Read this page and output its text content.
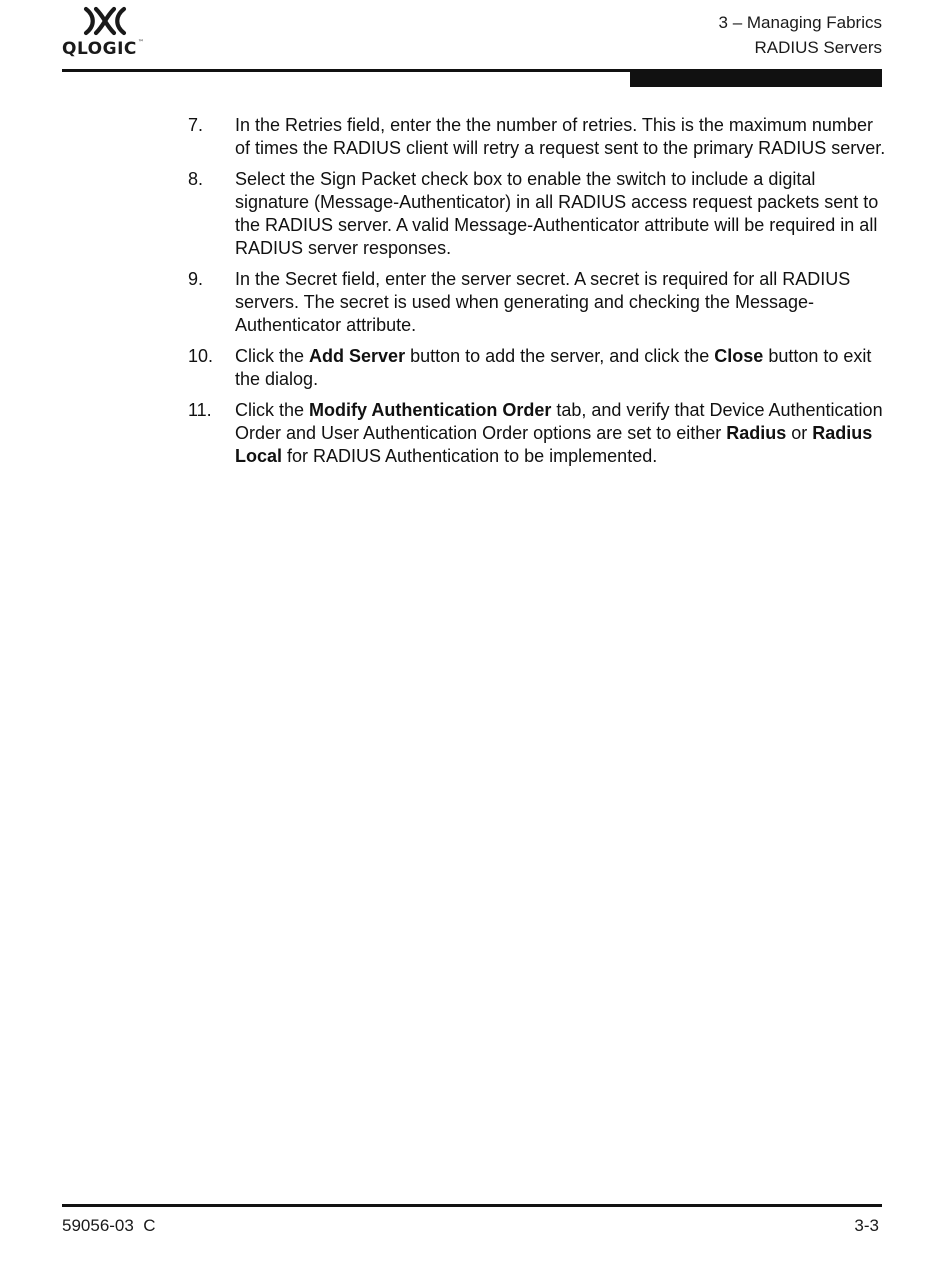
QLOGIC™
3 – Managing Fabrics
RADIUS Servers
7. In the Retries field, enter the the number of retries. This is the maximum number of times the RADIUS client will retry a request sent to the primary RADIUS server.
8. Select the Sign Packet check box to enable the switch to include a digital signature (Message-Authenticator) in all RADIUS access request packets sent to the RADIUS server. A valid Message-Authenticator attribute will be required in all RADIUS server responses.
9. In the Secret field, enter the server secret. A secret is required for all RADIUS servers. The secret is used when generating and checking the Message-Authenticator attribute.
10. Click the Add Server button to add the server, and click the Close button to exit the dialog.
11. Click the Modify Authentication Order tab, and verify that Device Authentication Order and User Authentication Order options are set to either Radius or Radius Local for RADIUS Authentication to be implemented.
59056-03  C	3-3
